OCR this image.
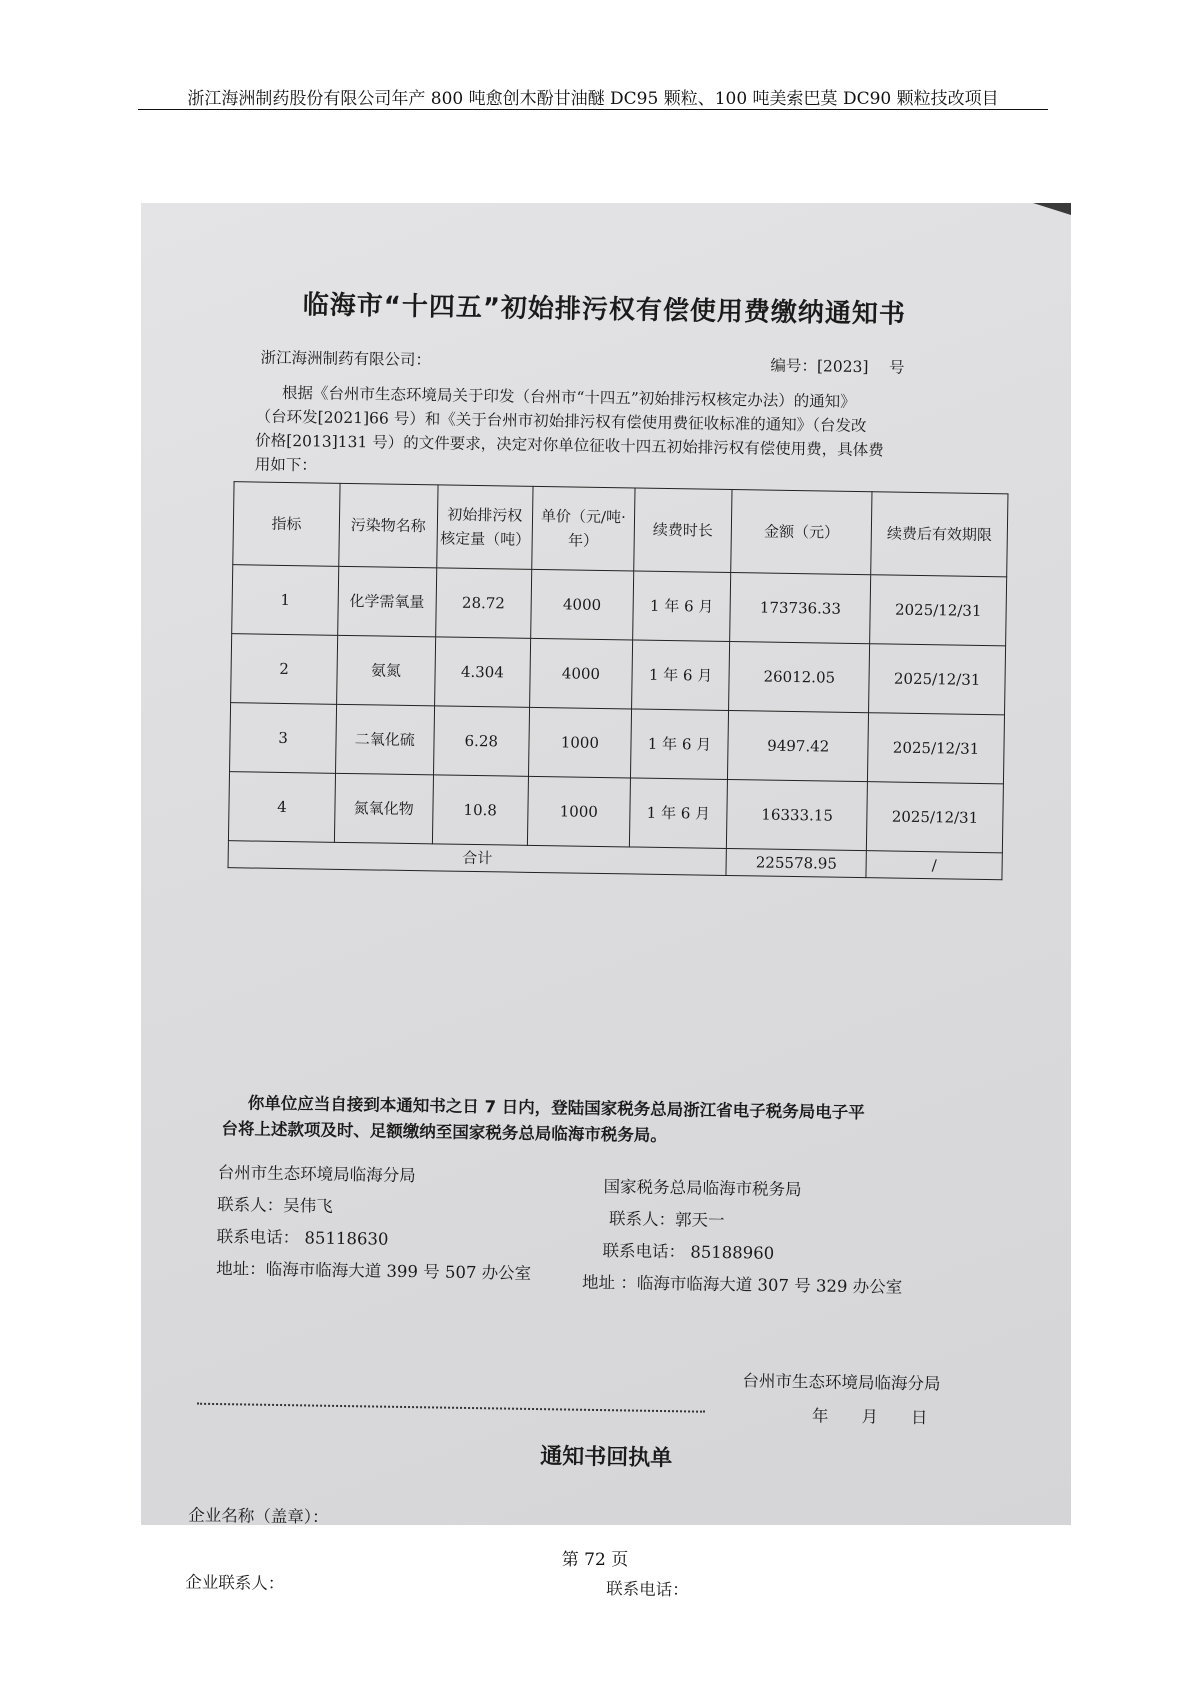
浙江海洲制药股份有限公司年产 800 吨愈创木酚甘油醚 DC95 颗粒、100 吨美索巴莫 DC90 颗粒技改项目
临海市“十四五”初始排污权有偿使用费缴纳通知书
浙江海洲制药有限公司：	编号：[2023]　 号

根据《台州市生态环境局关于印发（台州市“十四五”初始排污权核定办法）的通知》

（台环发[2021]66 号）和《关于台州市初始排污权有偿使用费征收标准的通知》（台发改

价格[2013]131 号）的文件要求，决定对你单位征收十四五初始排污权有偿使用费，具体费

用如下：

指标	污染物名称	初始排污权核定量（吨）	单价（元/吨·年）	续费时长	金额（元）	续费后有效期限
1	化学需氧量	28.72	4000	1 年 6 月	173736.33	2025/12/31
2	氨氮	4.304	4000	1 年 6 月	26012.05	2025/12/31
3	二氧化硫	6.28	1000	1 年 6 月	9497.42	2025/12/31
4	氮氧化物	10.8	1000	1 年 6 月	16333.15	2025/12/31
合计					225578.95	/
你单位应当自接到本通知书之日 7 日内，登陆国家税务总局浙江省电子税务局电子平
台将上述款项及时、足额缴纳至国家税务总局临海市税务局。
台州市生态环境局临海分局
联系人：吴伟飞
联系电话： 85118630
地址：临海市临海大道 399 号 507 办公室
国家税务总局临海市税务局
联系人：郭天一
联系电话： 85188960
地址 ：临海市临海大道 307 号 329 办公室
台州市生态环境局临海分局
年　　月　　日
通知书回执单
企业名称（盖章）：
企业联系人：	联系电话：
第 72 页
